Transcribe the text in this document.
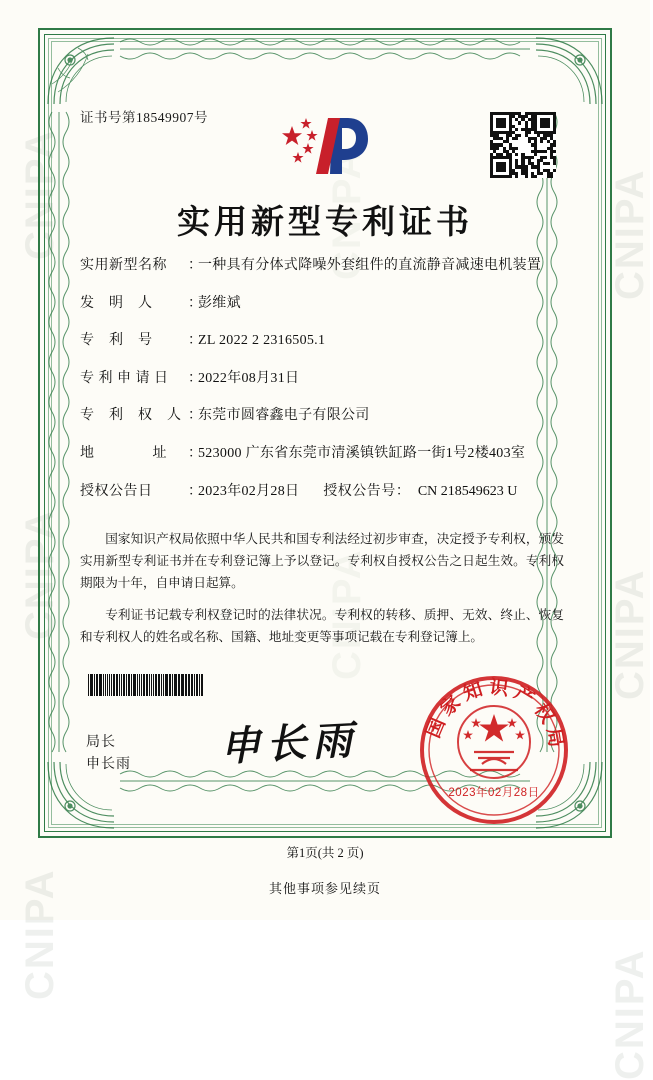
CNIPA
CNIPA
CNIPA
CNIPA
CNIPA
CNIPA
CNIPA
CNIPA
证书号第18549907号
实用新型专利证书
实用新型名称	：
一种具有分体式降噪外套组件的直流静音减速电机装置
发　明　人	：
彭维斌
专　利　号	：
ZL 2022 2 2316505.1
专 利 申 请 日	：
2022年08月31日
专　利　权　人 ：
东莞市圆睿鑫电子有限公司
地　　　　址	：
523000 广东省东莞市清溪镇铁缸路一街1号2楼403室
授权公告日	：
2023年02月28日 授权公告号 ： CN 218549623 U

国家知识产权局依照中华人民共和国专利法经过初步审查，决定授予专利权，颁发实用新型专利证书并在专利登记簿上予以登记。专利权自授权公告之日起生效。专利权期限为十年，自申请日起算。

专利证书记载专利权登记时的法律状况。专利权的转移、质押、无效、终止、恢复和专利权人的姓名或名称、国籍、地址变更等事项记载在专利登记簿上。

局长
申长雨 申长雨	国家知识产权局
2023年02月28日
第1页(共 2 页)
其他事项参见续页
